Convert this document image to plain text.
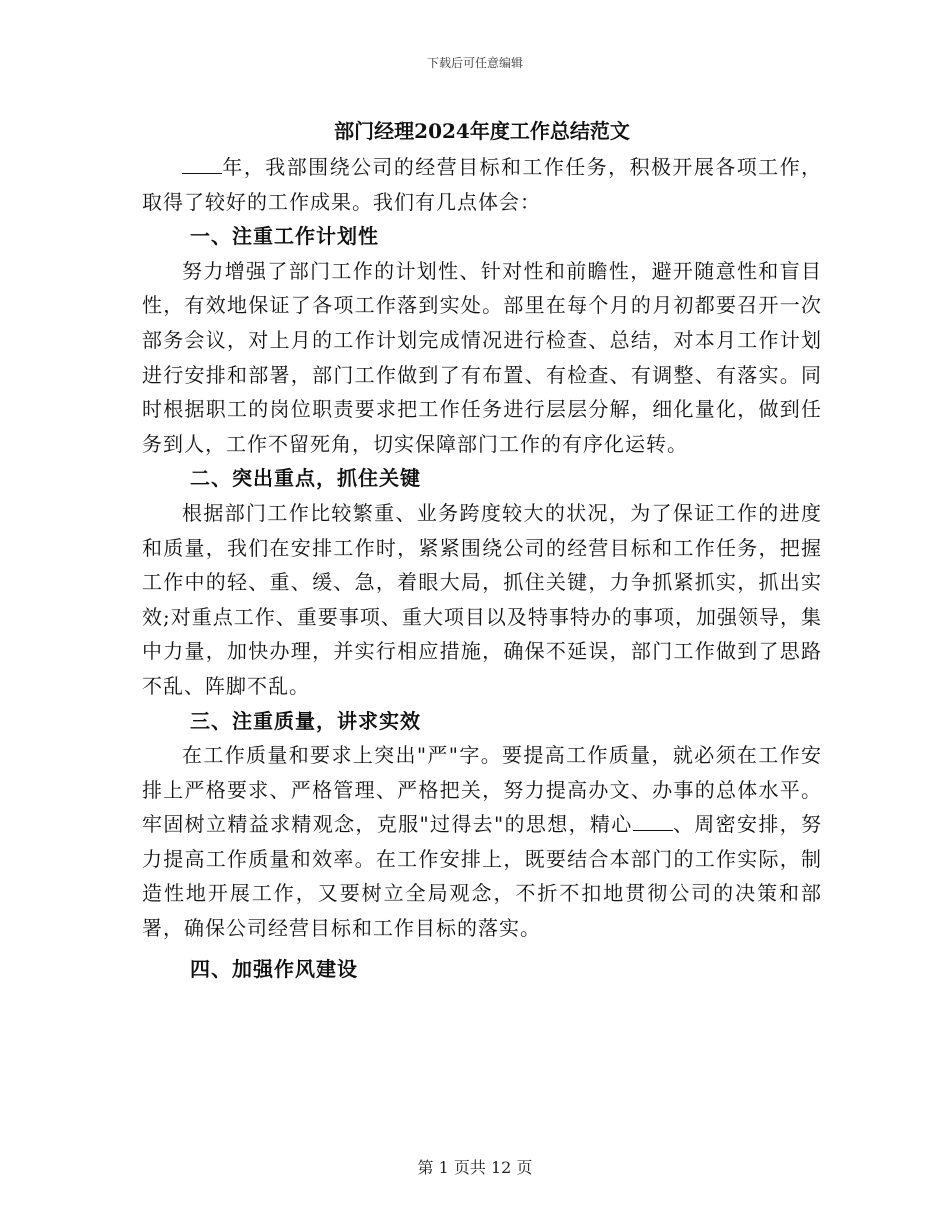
下载后可任意编辑
部门经理2024年度工作总结范文

年，我部围绕公司的经营目标和工作任务，积极开展各项工作，取得了较好的工作成果。我们有几点体会：

一、注重工作计划性

努力增强了部门工作的计划性、针对性和前瞻性，避开随意性和盲目性，有效地保证了各项工作落到实处。部里在每个月的月初都要召开一次部务会议，对上月的工作计划完成情况进行检查、总结，对本月工作计划进行安排和部署，部门工作做到了有布置、有检查、有调整、有落实。同时根据职工的岗位职责要求把工作任务进行层层分解，细化量化，做到任务到人，工作不留死角，切实保障部门工作的有序化运转。

二、突出重点，抓住关键

根据部门工作比较繁重、业务跨度较大的状况，为了保证工作的进度和质量，我们在安排工作时，紧紧围绕公司的经营目标和工作任务，把握工作中的轻、重、缓、急，着眼大局，抓住关键，力争抓紧抓实，抓出实效;对重点工作、重要事项、重大项目以及特事特办的事项，加强领导，集中力量，加快办理，并实行相应措施，确保不延误，部门工作做到了思路不乱、阵脚不乱。

三、注重质量，讲求实效

在工作质量和要求上突出"严"字。要提高工作质量，就必须在工作安排上严格要求、严格管理、严格把关，努力提高办文、办事的总体水平。牢固树立精益求精观念，克服"过得去"的思想，精心 、周密安排，努力提高工作质量和效率。在工作安排上，既要结合本部门的工作实际，制造性地开展工作，又要树立全局观念，不折不扣地贯彻公司的决策和部署，确保公司经营目标和工作目标的落实。

四、加强作风建设
第 1 页共 12 页
